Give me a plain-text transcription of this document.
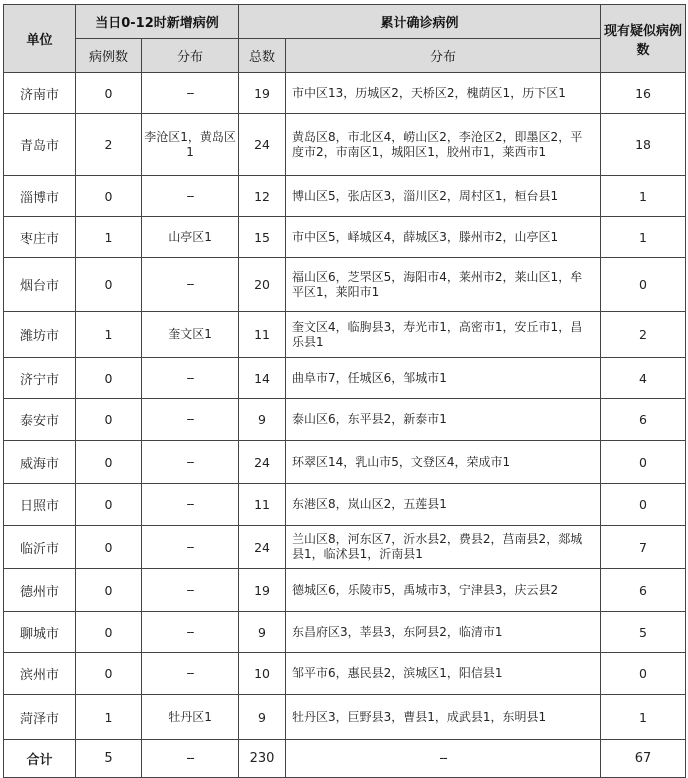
单位	当日0-12时新增病例		累计确诊病例		现有疑似病例数
	病例数	分布	总数	分布	
济南市	0	--	19	市中区13，历城区2，天桥区2，槐荫区1，历下区1	16
青岛市	2	李沧区1，黄岛区1	24	黄岛区8，市北区4，崂山区2，李沧区2，即墨区2，平度市2，市南区1，城阳区1，胶州市1，莱西市1	18
淄博市	0	--	12	博山区5，张店区3，淄川区2，周村区1，桓台县1	1
枣庄市	1	山亭区1	15	市中区5，峄城区4，薛城区3，滕州市2，山亭区1	1
烟台市	0	--	20	福山区6，芝罘区5，海阳市4，莱州市2，莱山区1，牟平区1，莱阳市1	0
潍坊市	1	奎文区1	11	奎文区4，临朐县3，寿光市1，高密市1，安丘市1，昌乐县1	2
济宁市	0	--	14	曲阜市7，任城区6，邹城市1	4
泰安市	0	--	9	泰山区6，东平县2，新泰市1	6
威海市	0	--	24	环翠区14，乳山市5，文登区4，荣成市1	0
日照市	0	--	11	东港区8，岚山区2，五莲县1	0
临沂市	0	--	24	兰山区8，河东区7，沂水县2，费县2，莒南县2，郯城县1，临沭县1，沂南县1	7
德州市	0	--	19	德城区6，乐陵市5，禹城市3，宁津县3，庆云县2	6
聊城市	0	--	9	东昌府区3，莘县3，东阿县2，临清市1	5
滨州市	0	--	10	邹平市6，惠民县2，滨城区1，阳信县1	0
菏泽市	1	牡丹区1	9	牡丹区3，巨野县3，曹县1，成武县1，东明县1	1
合计	5	--	230	--	67
